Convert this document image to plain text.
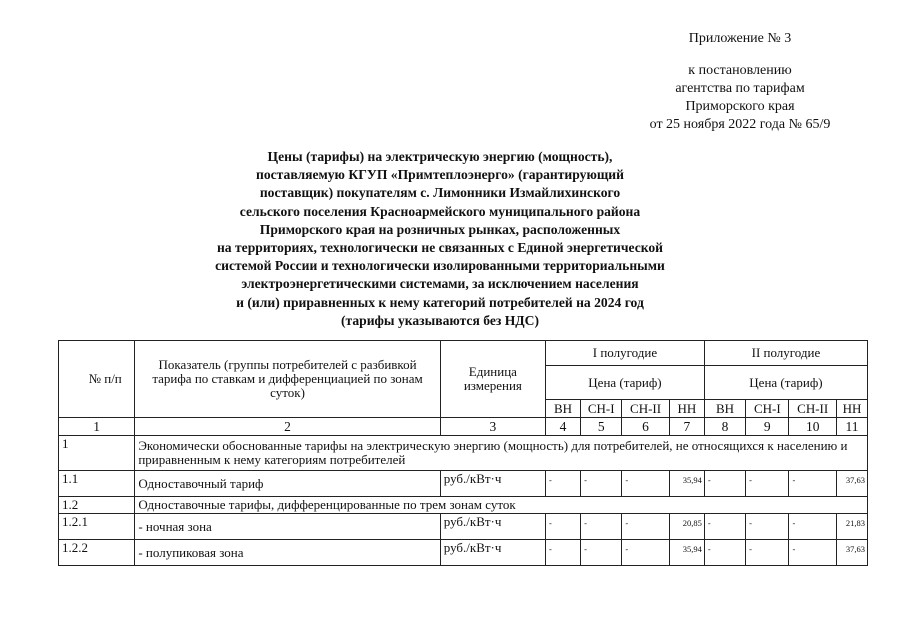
Приложение № 3
к постановлению
агентства по тарифам
Приморского края
от 25 ноября 2022 года № 65/9
Цены (тарифы) на электрическую энергию (мощность),
поставляемую КГУП «Примтеплоэнерго» (гарантирующий
поставщик) покупателям с. Лимонники Измайлихинского
сельского поселения Красноармейского муниципального района
Приморского края на розничных рынках, расположенных
на территориях, технологически не связанных с Единой энергетической
системой России и технологически изолированными территориальными
электроэнергетическими системами, за исключением населения
и (или) приравненных к нему категорий потребителей на 2024 год
(тарифы указываются без НДС)
№ п/п	Показатель (группы потребителей с разбивкой тарифа по ставкам и дифференциацией по зонам суток)	Единица измерения	I полугодие				II полугодие			
			Цена (тариф)				Цена (тариф)			
			ВН	СН-I	СН-II	НН	ВН	СН-I	СН-II	НН
1	2	3	4	5	6	7	8	9	10	11
1	Экономически обоснованные тарифы на электрическую энергию (мощность) для потребителей, не относящихся к населению и приравненным к нему категориям потребителей									
1.1	Одноставочный тариф	руб./кВт·ч	-	-	-	35,94	-	-	-	37,63
1.2	Одноставочные тарифы, дифференцированные по трем зонам суток									
1.2.1	- ночная зона	руб./кВт·ч	-	-	-	20,85	-	-	-	21,83
1.2.2	- полупиковая зона	руб./кВт·ч	-	-	-	35,94	-	-	-	37,63
